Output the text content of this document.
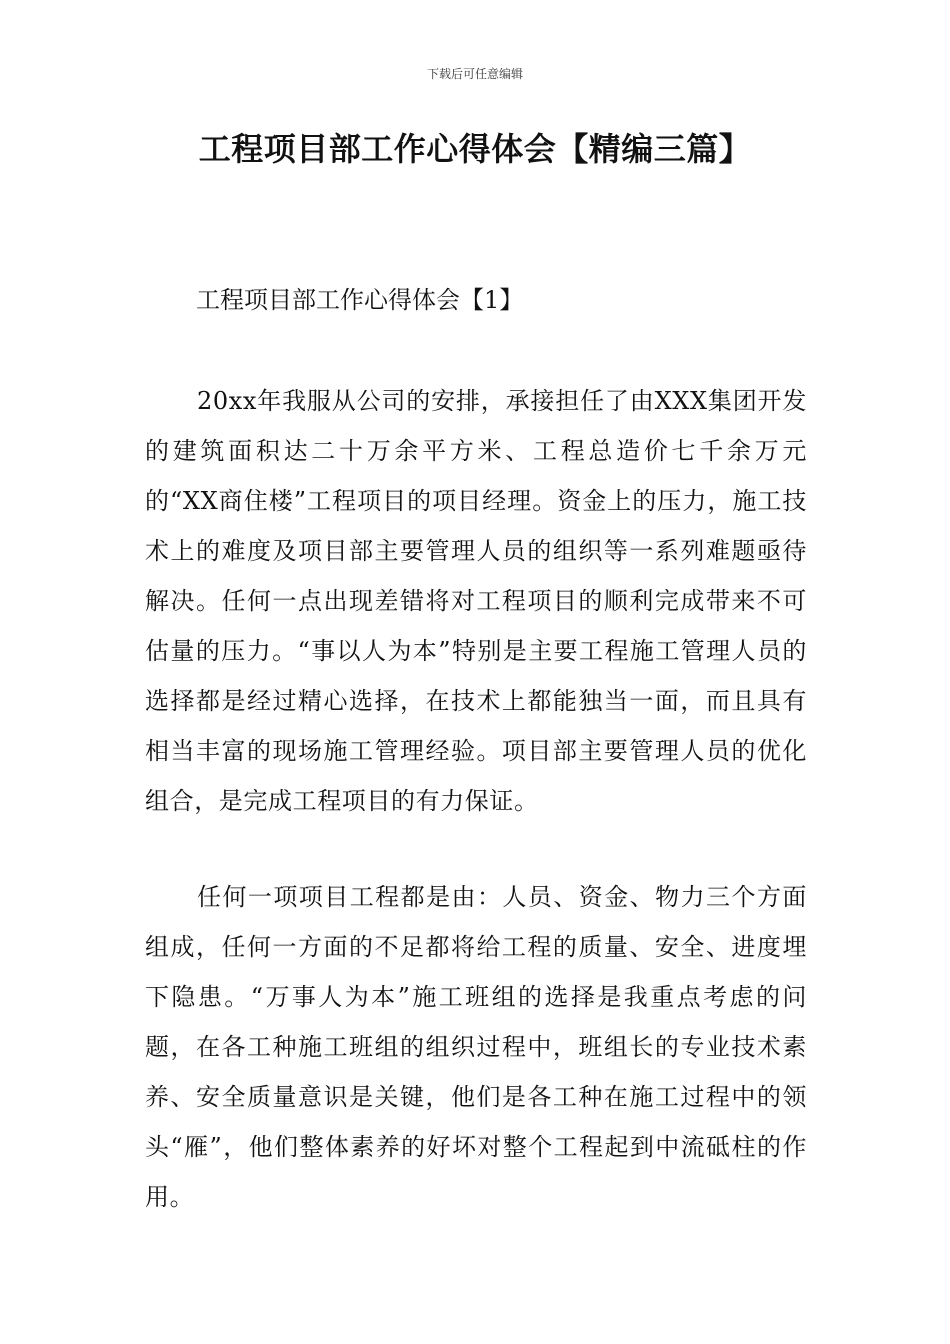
下载后可任意编辑
工程项目部工作心得体会【精编三篇】
工程项目部工作心得体会【1】

20xx年我服从公司的安排，承接担任了由XXX集团开发的建筑面积达二十万余平方米、工程总造价七千余万元的“XX商住楼”工程项目的项目经理。资金上的压力，施工技术上的难度及项目部主要管理人员的组织等一系列难题亟待解决。任何一点出现差错将对工程项目的顺利完成带来不可估量的压力。“事以人为本”特别是主要工程施工管理人员的选择都是经过精心选择，在技术上都能独当一面，而且具有相当丰富的现场施工管理经验。项目部主要管理人员的优化组合，是完成工程项目的有力保证。

任何一项项目工程都是由：人员、资金、物力三个方面组成，任何一方面的不足都将给工程的质量、安全、进度埋下隐患。“万事人为本”施工班组的选择是我重点考虑的问题，在各工种施工班组的组织过程中，班组长的专业技术素养、安全质量意识是关键，他们是各工种在施工过程中的领头“雁”，他们整体素养的好坏对整个工程起到中流砥柱的作用。
